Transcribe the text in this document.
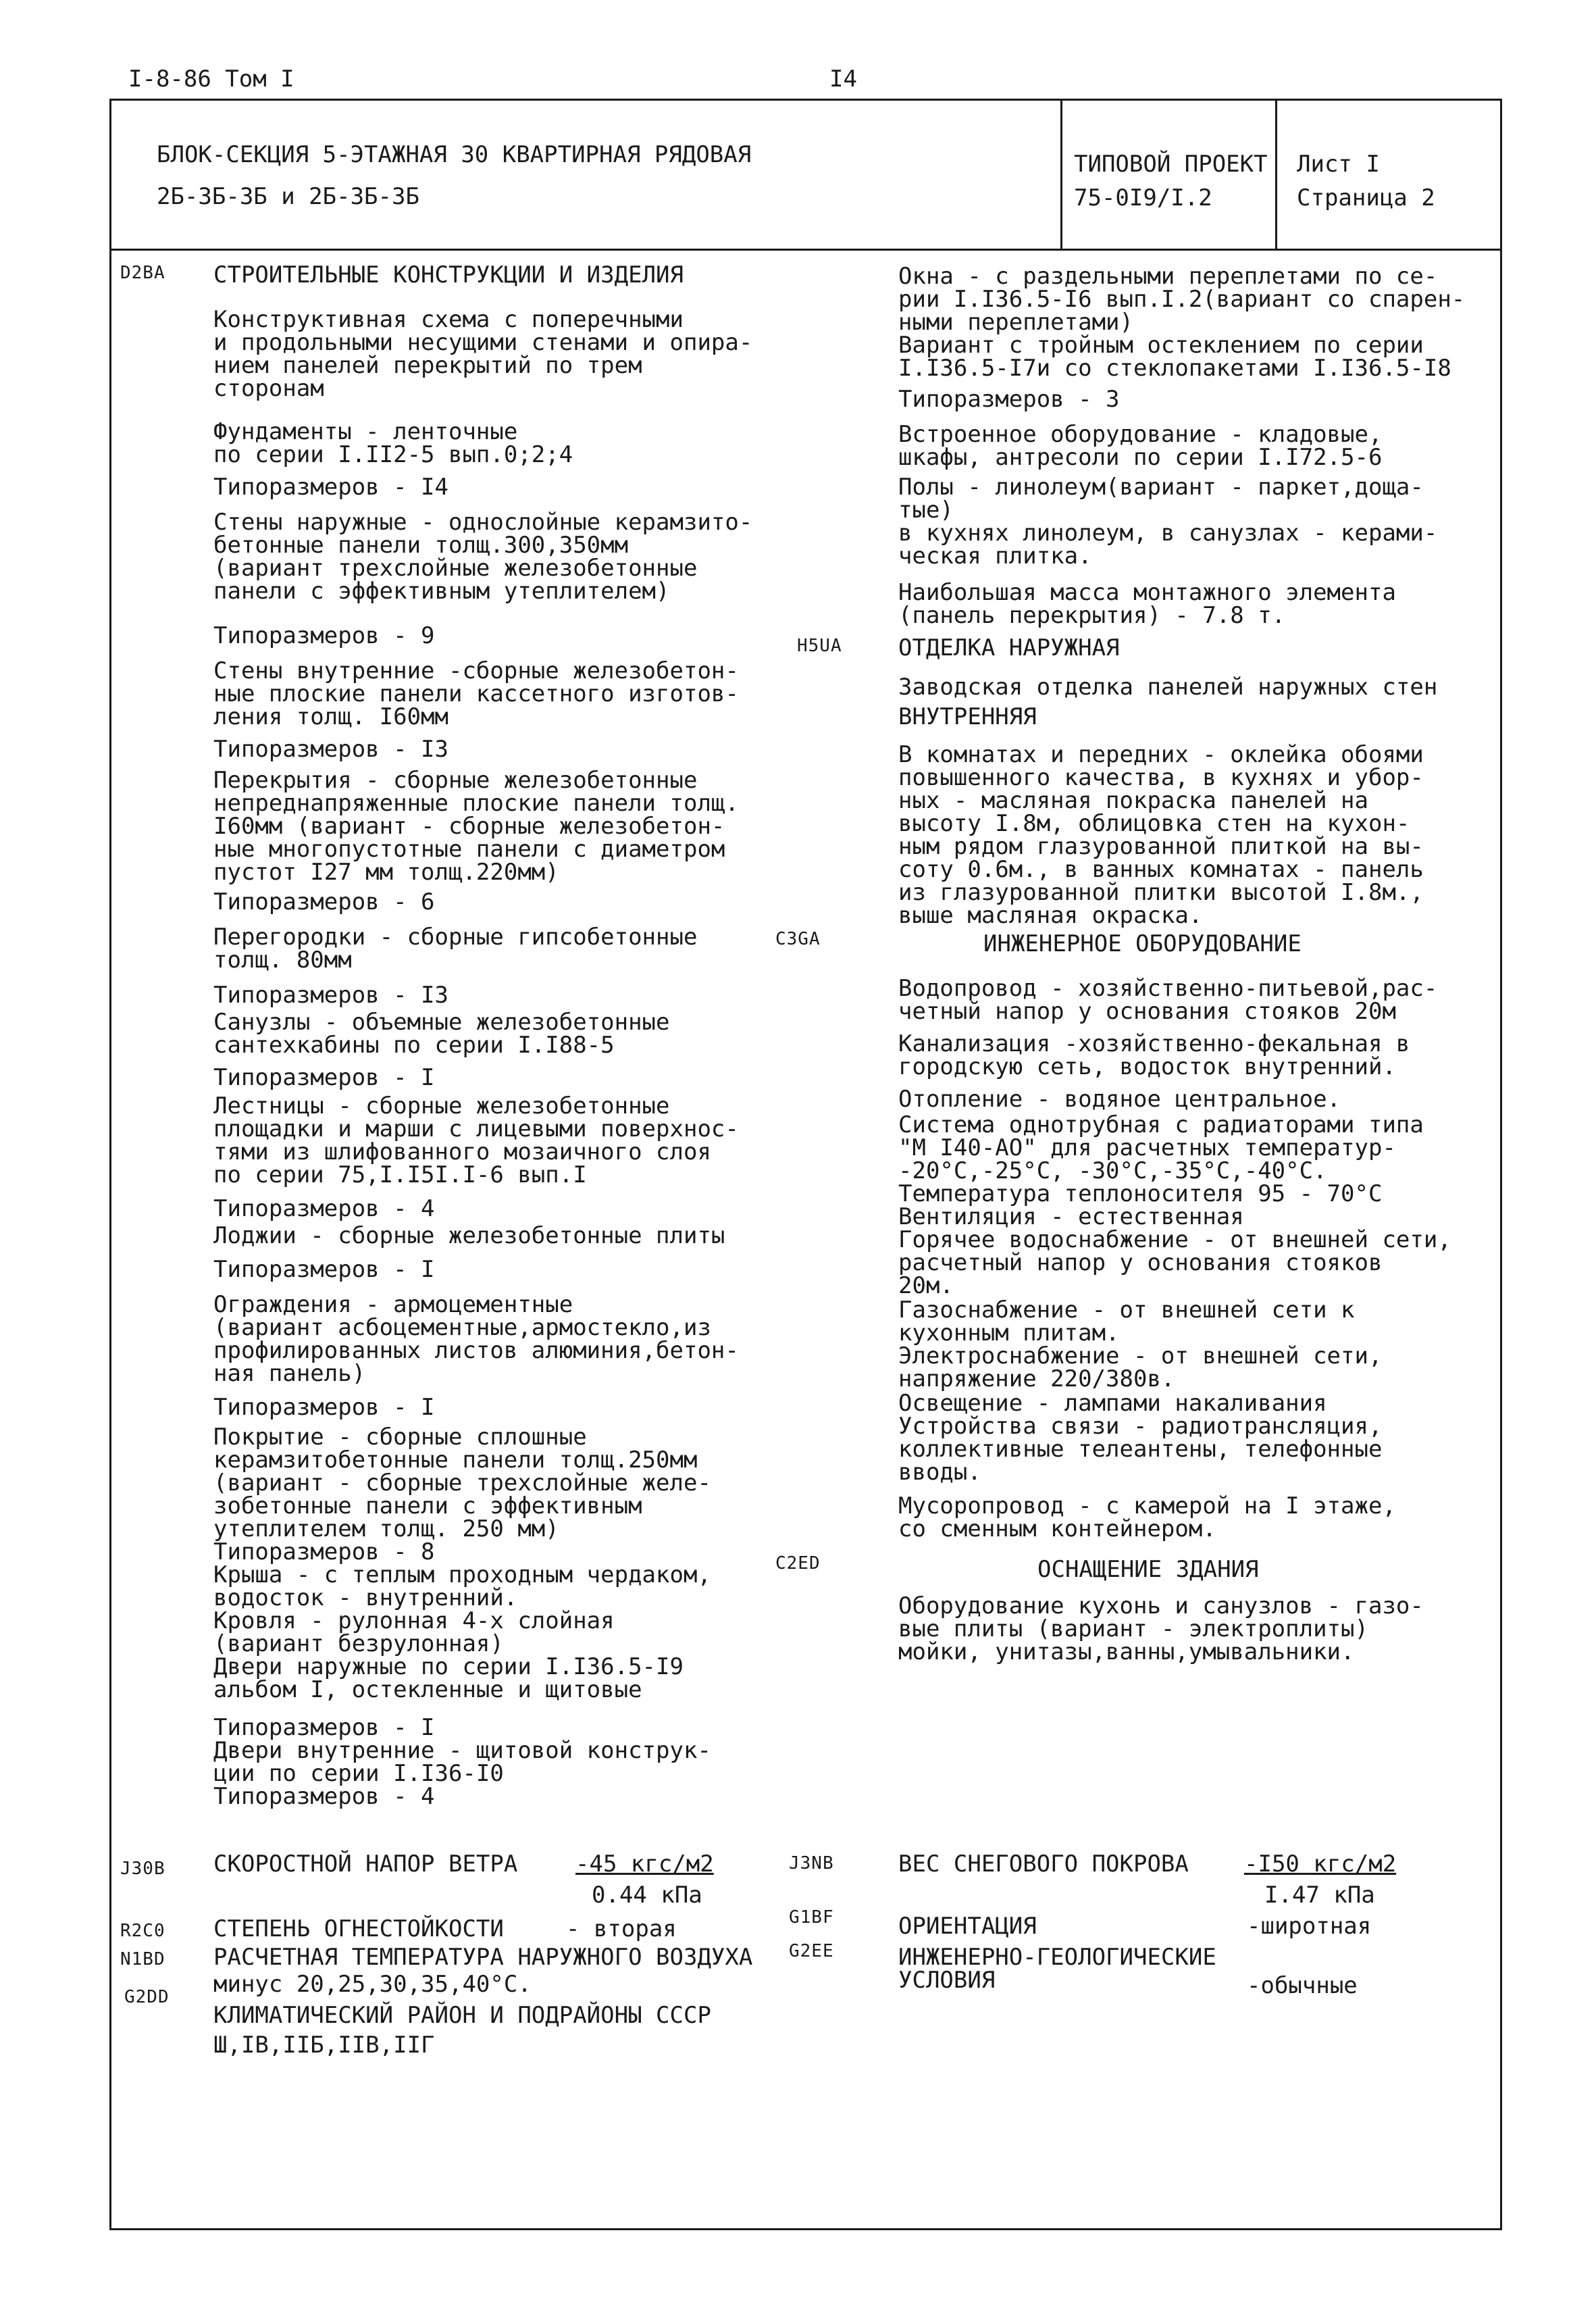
I-8-86 Том I	I4
БЛОК-СЕКЦИЯ 5-ЭТАЖНАЯ 30 КВАРТИРНАЯ РЯДОВАЯ
2Б-3Б-3Б и 2Б-3Б-3Б
ТИПОВОЙ ПРОЕКТ
75-0I9/I.2
Лист I
Страница 2
D2BA
H5UA
C3GA
C2ED
J30B
R2C0
N1BD
G2DD
J3NB
G1BF
G2EE
СТРОИТЕЛЬНЫЕ КОНСТРУКЦИИ И ИЗДЕЛИЯ
Конструктивная схема с поперечными
и продольными несущими стенами и опира-
нием панелей перекрытий по трем
сторонам
Фундаменты - ленточные
по серии I.II2-5 вып.0;2;4
Типоразмеров - I4
Стены наружные - однослойные керамзито-
бетонные панели толщ.300,350мм
(вариант трехслойные железобетонные
панели с эффективным утеплителем)
Типоразмеров - 9
Стены внутренние -сборные железобетон-
ные плоские панели кассетного изготов-
ления толщ. I60мм
Типоразмеров - I3
Перекрытия - сборные железобетонные
непреднапряженные плоские панели толщ.
I60мм (вариант - сборные железобетон-
ные многопустотные панели с диаметром
пустот I27 мм толщ.220мм)
Типоразмеров - 6
Перегородки - сборные гипсобетонные
толщ. 80мм
Типоразмеров - I3
Санузлы - объемные железобетонные
сантехкабины по серии I.I88-5
Типоразмеров - I
Лестницы - сборные железобетонные
площадки и марши с лицевыми поверхнос-
тями из шлифованного мозаичного слоя
по серии 75,I.I5I.I-6 вып.I
Типоразмеров - 4
Лоджии - сборные железобетонные плиты
Типоразмеров - I
Ограждения - армоцементные
(вариант асбоцементные,армостекло,из
профилированных листов алюминия,бетон-
ная панель)
Типоразмеров - I
Покрытие - сборные сплошные
керамзитобетонные панели толщ.250мм
(вариант - сборные трехслойные желе-
зобетонные панели с эффективным
утеплителем толщ. 250 мм)
Типоразмеров - 8
Крыша - с теплым проходным чердаком,
водосток - внутренний.
Кровля - рулонная 4-х слойная
(вариант безрулонная)
Двери наружные по серии I.I36.5-I9
альбом I, остекленные и щитовые
Типоразмеров - I
Двери внутренние - щитовой конструк-
ции по серии I.I36-I0
Типоразмеров - 4
Окна - с раздельными переплетами по се-
рии I.I36.5-I6 вып.I.2(вариант со спарен-
ными переплетами)
Вариант с тройным остеклением по серии
I.I36.5-I7и со стеклопакетами I.I36.5-I8
Типоразмеров - 3
Встроенное оборудование - кладовые,
шкафы, антресоли по серии I.I72.5-6
Полы - линолеум(вариант - паркет,доща-
тые)
в кухнях линолеум, в санузлах - керами-
ческая плитка.
Наибольшая масса монтажного элемента
(панель перекрытия) - 7.8 т.
ОТДЕЛКА НАРУЖНАЯ
Заводская отделка панелей наружных стен
ВНУТРЕННЯЯ
В комнатах и передних - оклейка обоями
повышенного качества, в кухнях и убор-
ных - масляная покраска панелей на
высоту I.8м, облицовка стен на кухон-
ным рядом глазурованной плиткой на вы-
соту 0.6м., в ванных комнатах - панель
из глазурованной плитки высотой I.8м.,
выше масляная окраска.
ИНЖЕНЕРНОЕ ОБОРУДОВАНИЕ
Водопровод - хозяйственно-питьевой,рас-
четный напор у основания стояков 20м
Канализация -хозяйственно-фекальная в
городскую сеть, водосток внутренний.
Отопление - водяное центральное.
Система однотрубная с радиаторами типа
"М I40-АО" для расчетных температур-
-20°С,-25°С, -30°С,-35°С,-40°С.
Температура теплоносителя 95 - 70°С
Вентиляция - естественная
Горячее водоснабжение - от внешней сети,
расчетный напор у основания стояков
20м.
Газоснабжение - от внешней сети к
кухонным плитам.
Электроснабжение - от внешней сети,
напряжение 220/380в.
Освещение - лампами накаливания
Устройства связи - радиотрансляция,
коллективные телеантены, телефонные
вводы.
Мусоропровод - с камерой на I этаже,
со сменным контейнером.
ОСНАЩЕНИЕ ЗДАНИЯ
Оборудование кухонь и санузлов - газо-
вые плиты (вариант - электроплиты)
мойки, унитазы,ванны,умывальники.
СКОРОСТНОЙ НАПОР ВЕТРА	-45 кгс/м2
0.44 кПа
СТЕПЕНЬ ОГНЕСТОЙКОСТИ	- вторая
РАСЧЕТНАЯ ТЕМПЕРАТУРА НАРУЖНОГО ВОЗДУХА
минус 20,25,30,35,40°С.
КЛИМАТИЧЕСКИЙ РАЙОН И ПОДРАЙОНЫ СССР
Ш,IВ,IIБ,IIВ,IIГ
ВЕС СНЕГОВОГО ПОКРОВА -I50 кгс/м2
I.47 кПа
ОРИЕНТАЦИЯ	-широтная
ИНЖЕНЕРНО-ГЕОЛОГИЧЕСКИЕ
УСЛОВИЯ	-обычные
